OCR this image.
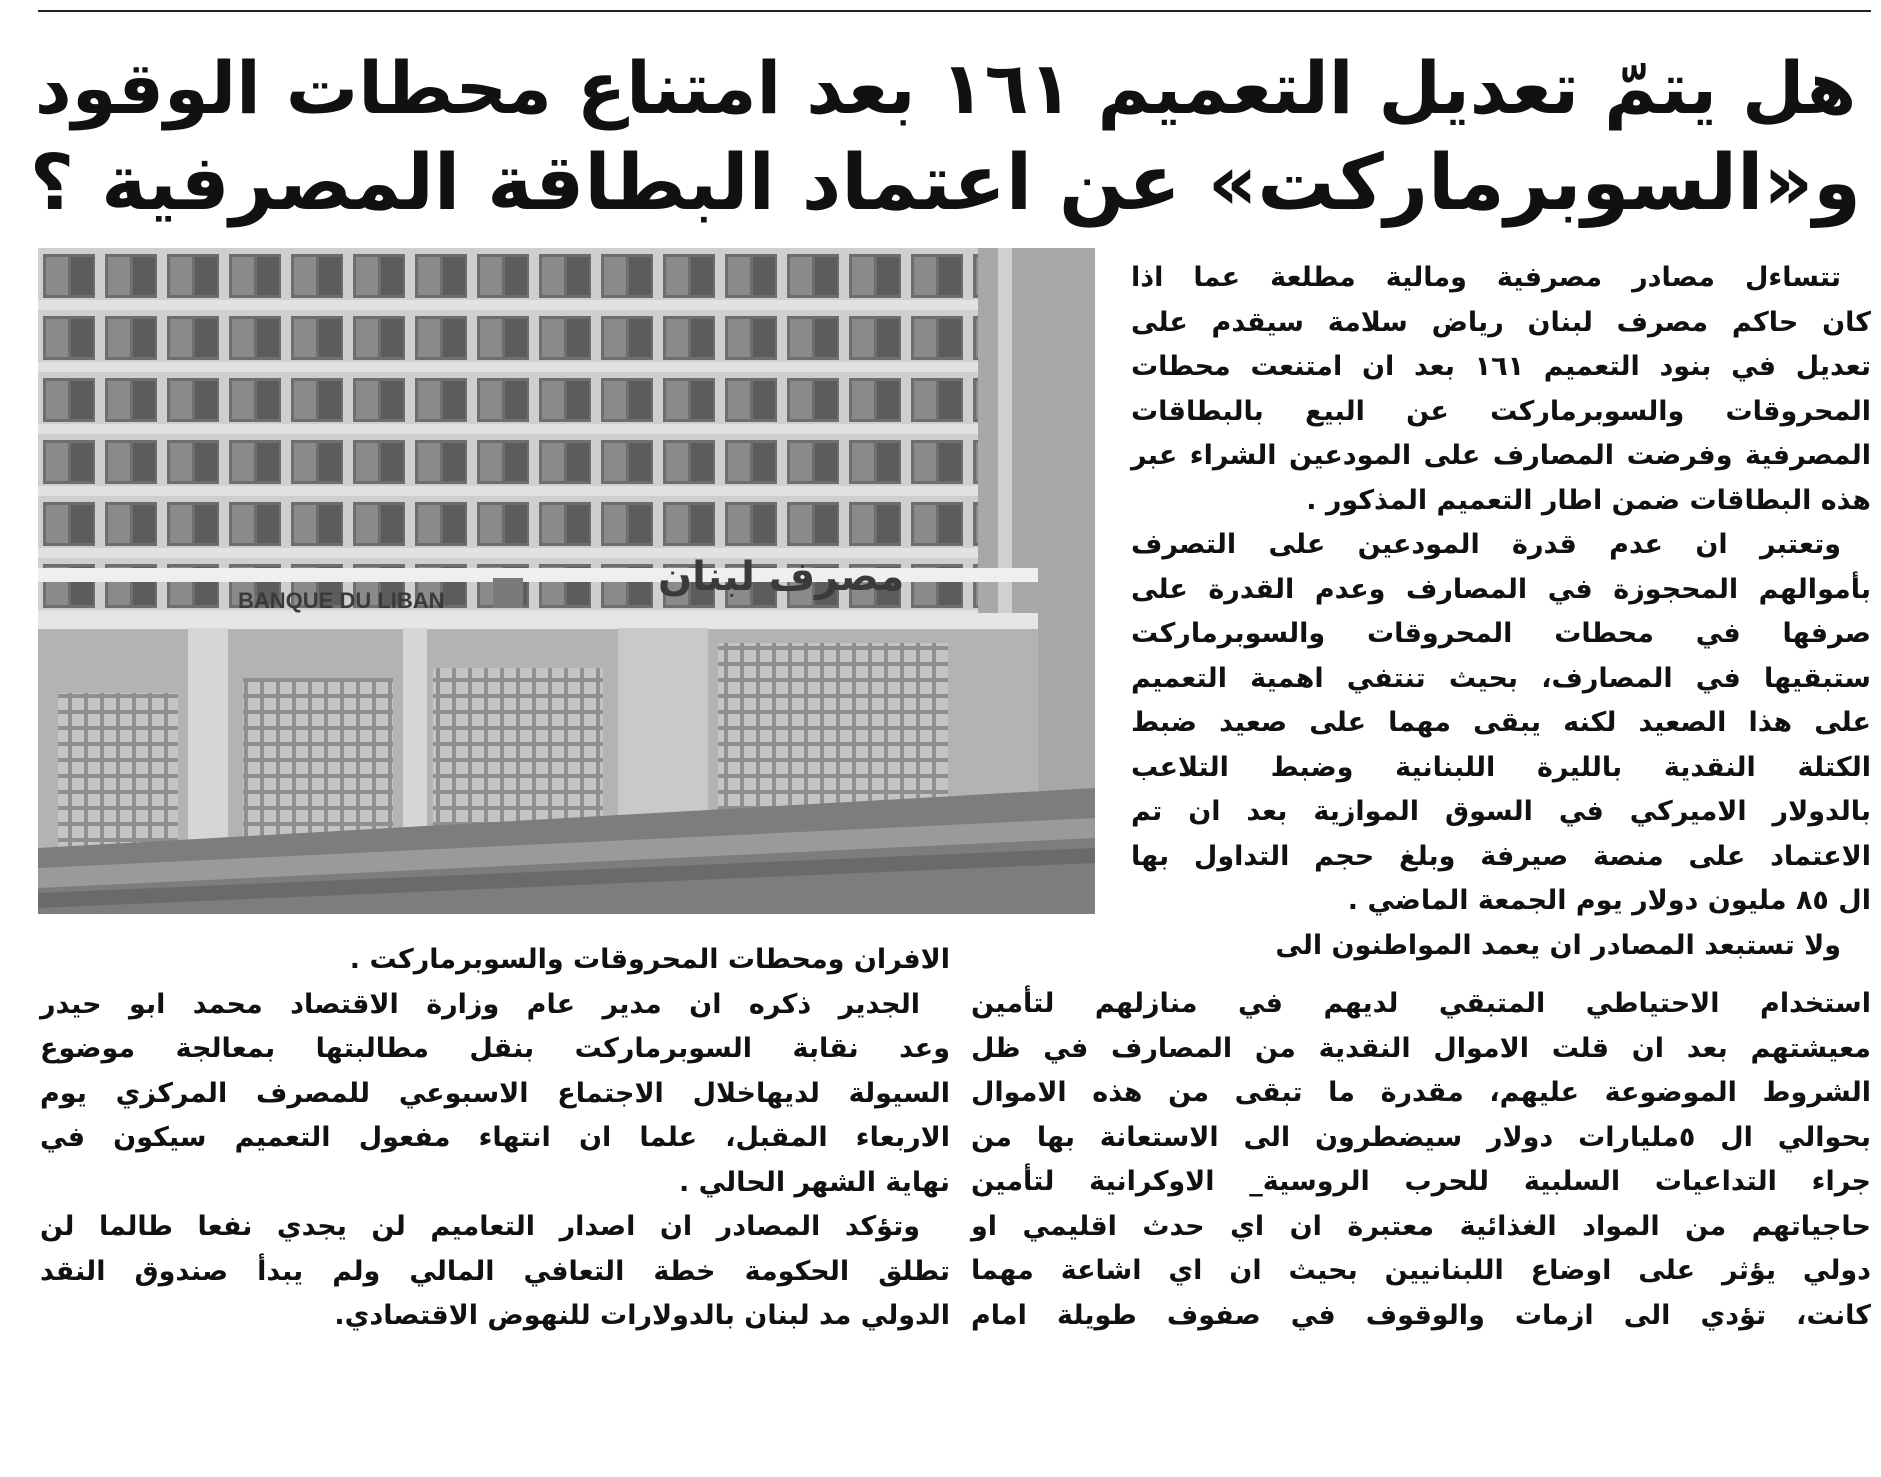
هل يتمّ تعديل التعميم ١٦١ بعد امتناع محطات الوقود
و«السوبرماركت» عن اعتماد البطاقة المصرفية ؟
BANQUE DU LIBAN
مصرف لبنان

تتساءل مصادر مصرفية ومالية مطلعة عما اذا

كان حاكم مصرف لبنان رياض سلامة سيقدم على

تعديل في بنود التعميم ١٦١ بعد ان امتنعت محطات

المحروقات والسوبرماركت عن البيع بالبطاقات

المصرفية وفرضت المصارف على المودعين الشراء عبر

هذه البطاقات ضمن اطار التعميم المذكور .

وتعتبر ان عدم قدرة المودعين على التصرف

بأموالهم المحجوزة في المصارف وعدم القدرة على

صرفها في محطات المحروقات والسوبرماركت

ستبقيها في المصارف، بحيث تنتفي اهمية التعميم

على هذا الصعيد لكنه يبقى مهما على صعيد ضبط

الكتلة النقدية بالليرة اللبنانية وضبط التلاعب

بالدولار الاميركي في السوق الموازية بعد ان تم

الاعتماد على منصة صيرفة وبلغ حجم التداول بها

ال ٨٥ مليون دولار يوم الجمعة الماضي .

ولا تستبعد المصادر ان يعمد المواطنون الى

استخدام الاحتياطي المتبقي لديهم في منازلهم لتأمين

معيشتهم بعد ان قلت الاموال النقدية من المصارف في ظل

الشروط الموضوعة عليهم، مقدرة ما تبقى من هذه الاموال

بحوالي ال ٥مليارات دولار سيضطرون الى الاستعانة بها من

جراء التداعيات السلبية للحرب الروسية_ الاوكرانية لتأمين

حاجياتهم من المواد الغذائية معتبرة ان اي حدث اقليمي او

دولي يؤثر على اوضاع اللبنانيين بحيث ان اي اشاعة مهما

كانت، تؤدي الى ازمات والوقوف في صفوف طويلة امام

الافران ومحطات المحروقات والسوبرماركت .

الجدير ذكره ان مدير عام وزارة الاقتصاد محمد ابو حيدر

وعد نقابة السوبرماركت بنقل مطالبتها بمعالجة موضوع

السيولة لديهاخلال الاجتماع الاسبوعي للمصرف المركزي يوم

الاربعاء المقبل، علما ان انتهاء مفعول التعميم سيكون في

نهاية الشهر الحالي .

وتؤكد المصادر ان اصدار التعاميم لن يجدي نفعا طالما لن

تطلق الحكومة خطة التعافي المالي ولم يبدأ صندوق النقد

الدولي مد لبنان بالدولارات للنهوض الاقتصادي.
